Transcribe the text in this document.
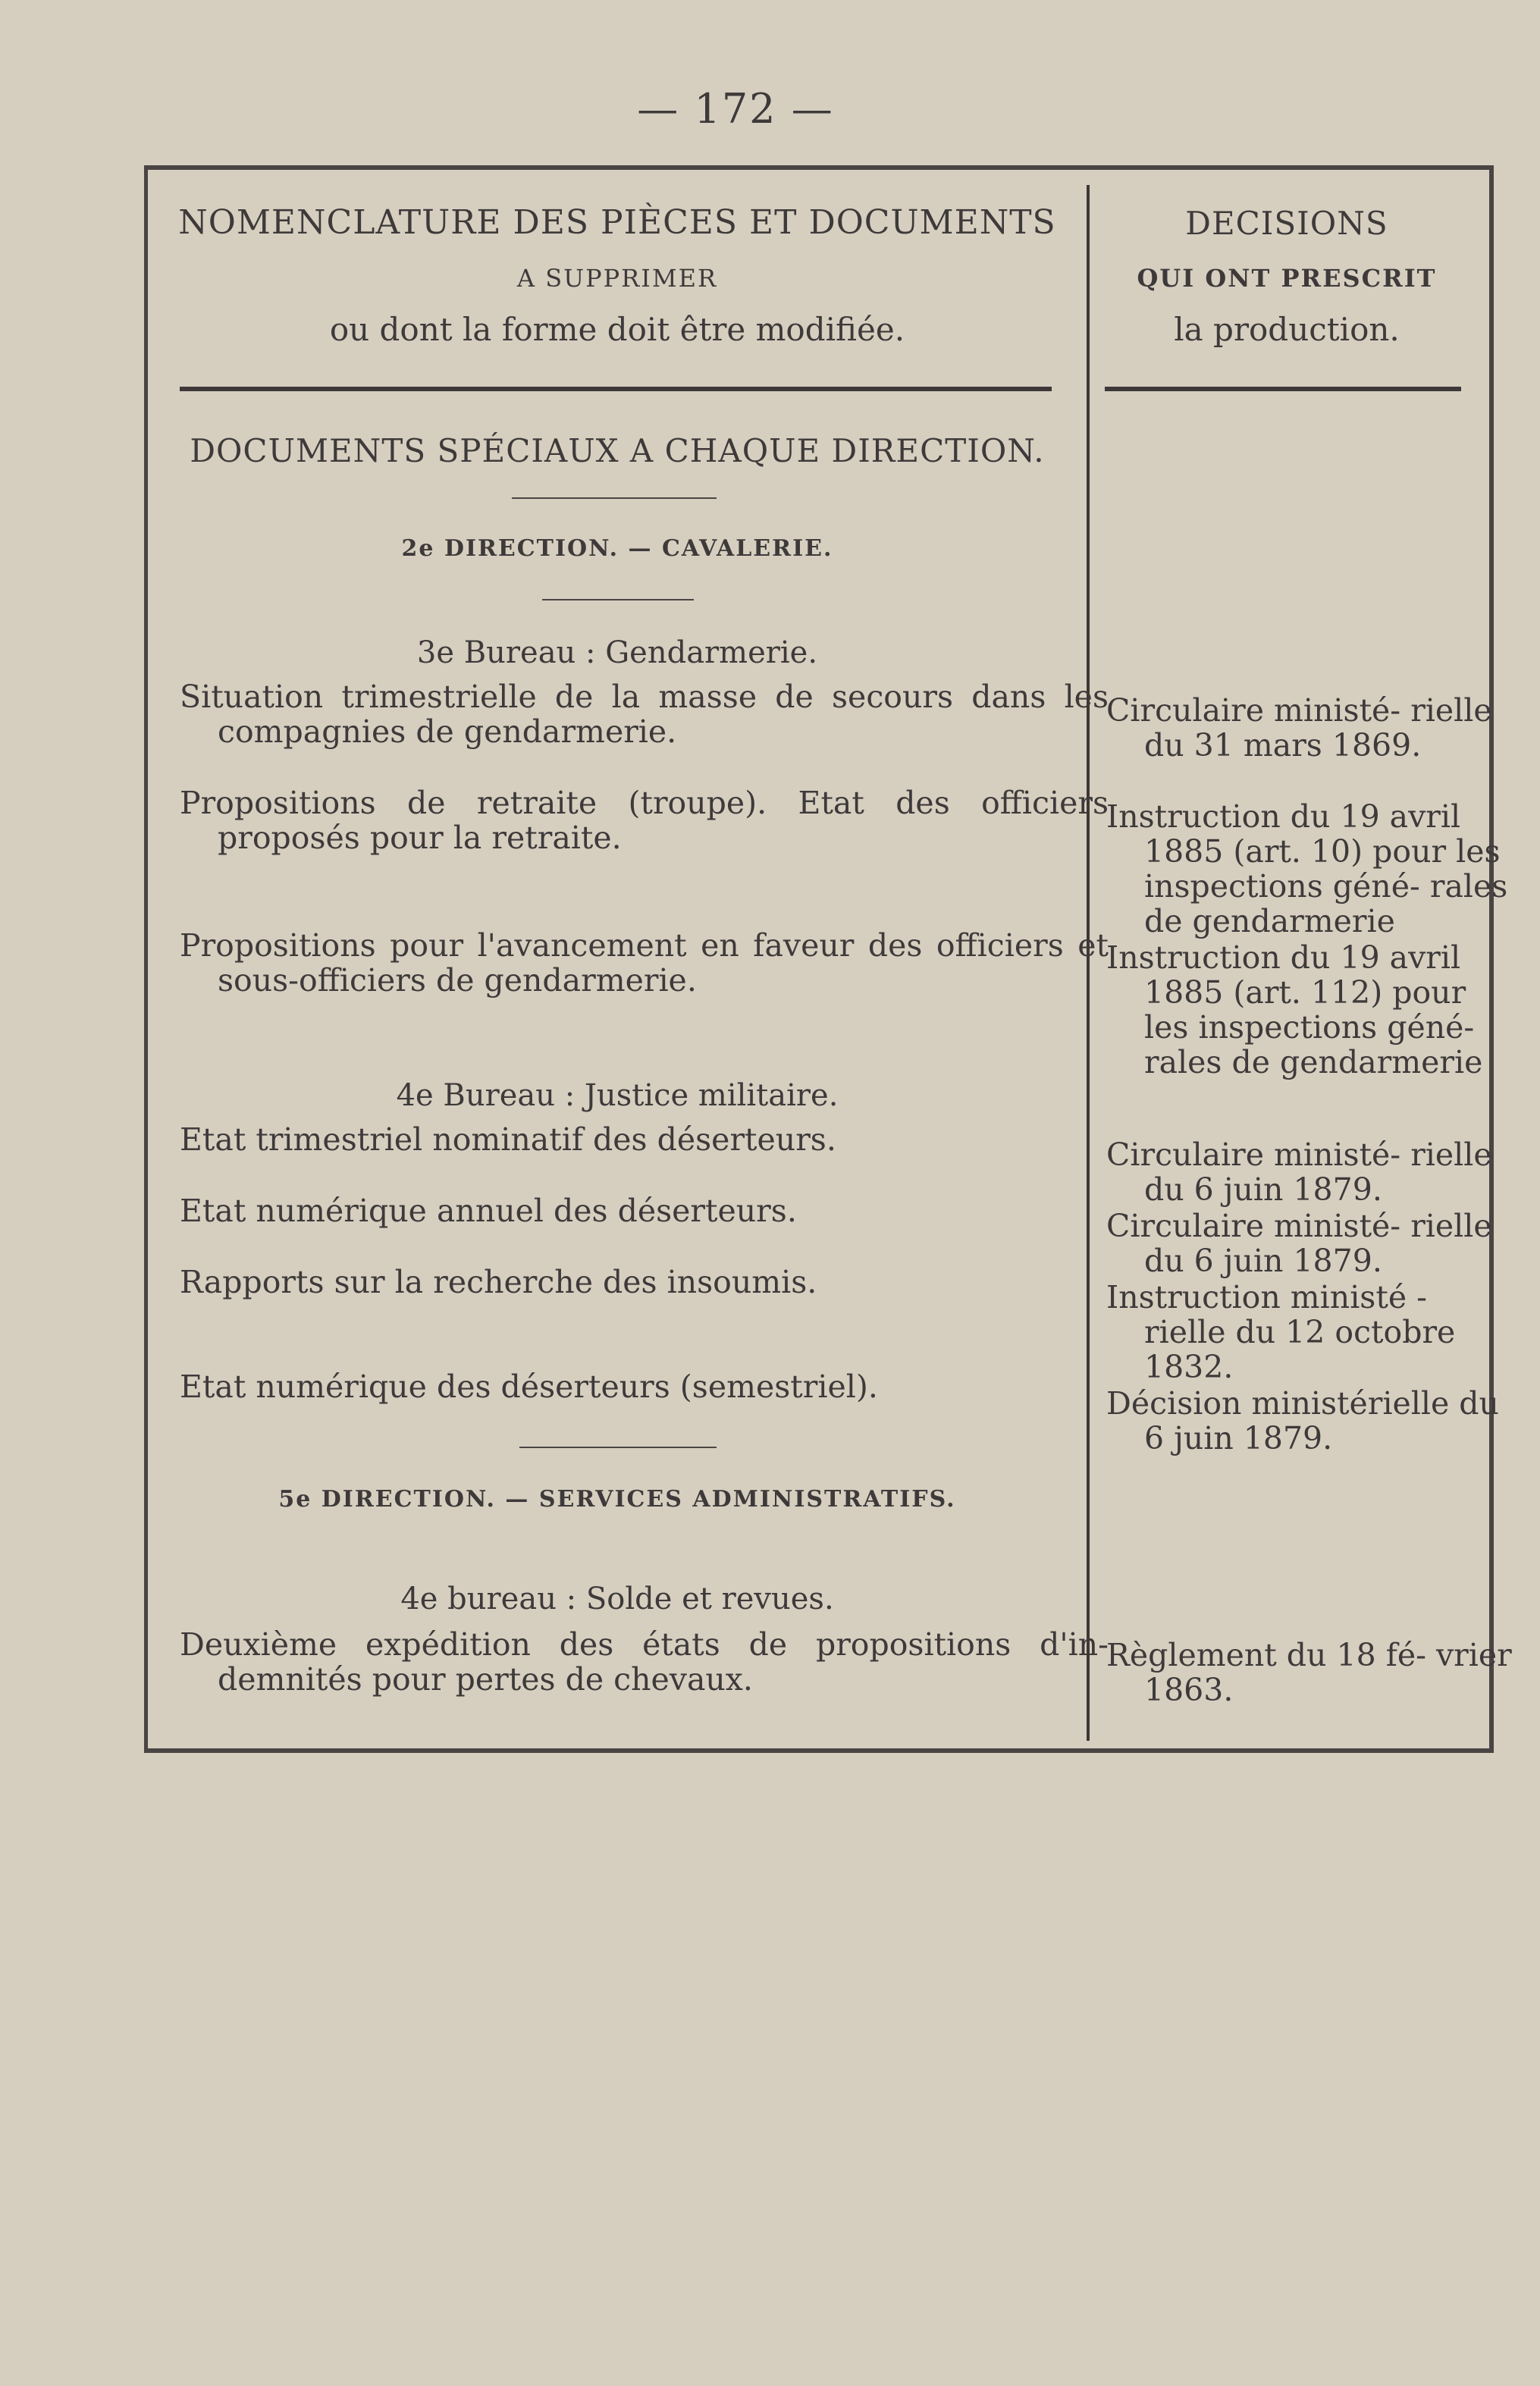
— 172 —
NOMENCLATURE DES PIÈCES ET DOCUMENTS
A SUPPRIMER
ou dont la forme doit être modifiée.
DOCUMENTS SPÉCIAUX A CHAQUE DIRECTION.
2e DIRECTION. — CAVALERIE.
3e Bureau : Gendarmerie.
Situation trimestrielle de la masse de secours dans les compagnies de gendarmerie.
Propositions de retraite (troupe). Etat des officiers proposés pour la retraite.
Propositions pour l'avancement en faveur des officiers et sous-officiers de gendarmerie.
4e Bureau : Justice militaire.
Etat trimestriel nominatif des déserteurs.
Etat numérique annuel des déserteurs.
Rapports sur la recherche des insoumis.
Etat numérique des déserteurs (semestriel).
5e DIRECTION. — SERVICES ADMINISTRATIFS.
4e bureau : Solde et revues.
Deuxième expédition des états de propositions d'in- demnités pour pertes de chevaux.
DECISIONS
QUI ONT PRESCRIT
la production.
Circulaire ministé- rielle du 31 mars 1869.
Instruction du 19 avril 1885 (art. 10) pour les inspections géné- rales de gendarmerie
Instruction du 19 avril 1885 (art. 112) pour les inspections géné- rales de gendarmerie
Circulaire ministé- rielle du 6 juin 1879.
Circulaire ministé- rielle du 6 juin 1879.
Instruction ministé - rielle du 12 octobre 1832.
Décision ministérielle du 6 juin 1879.
Règlement du 18 fé- vrier 1863.
